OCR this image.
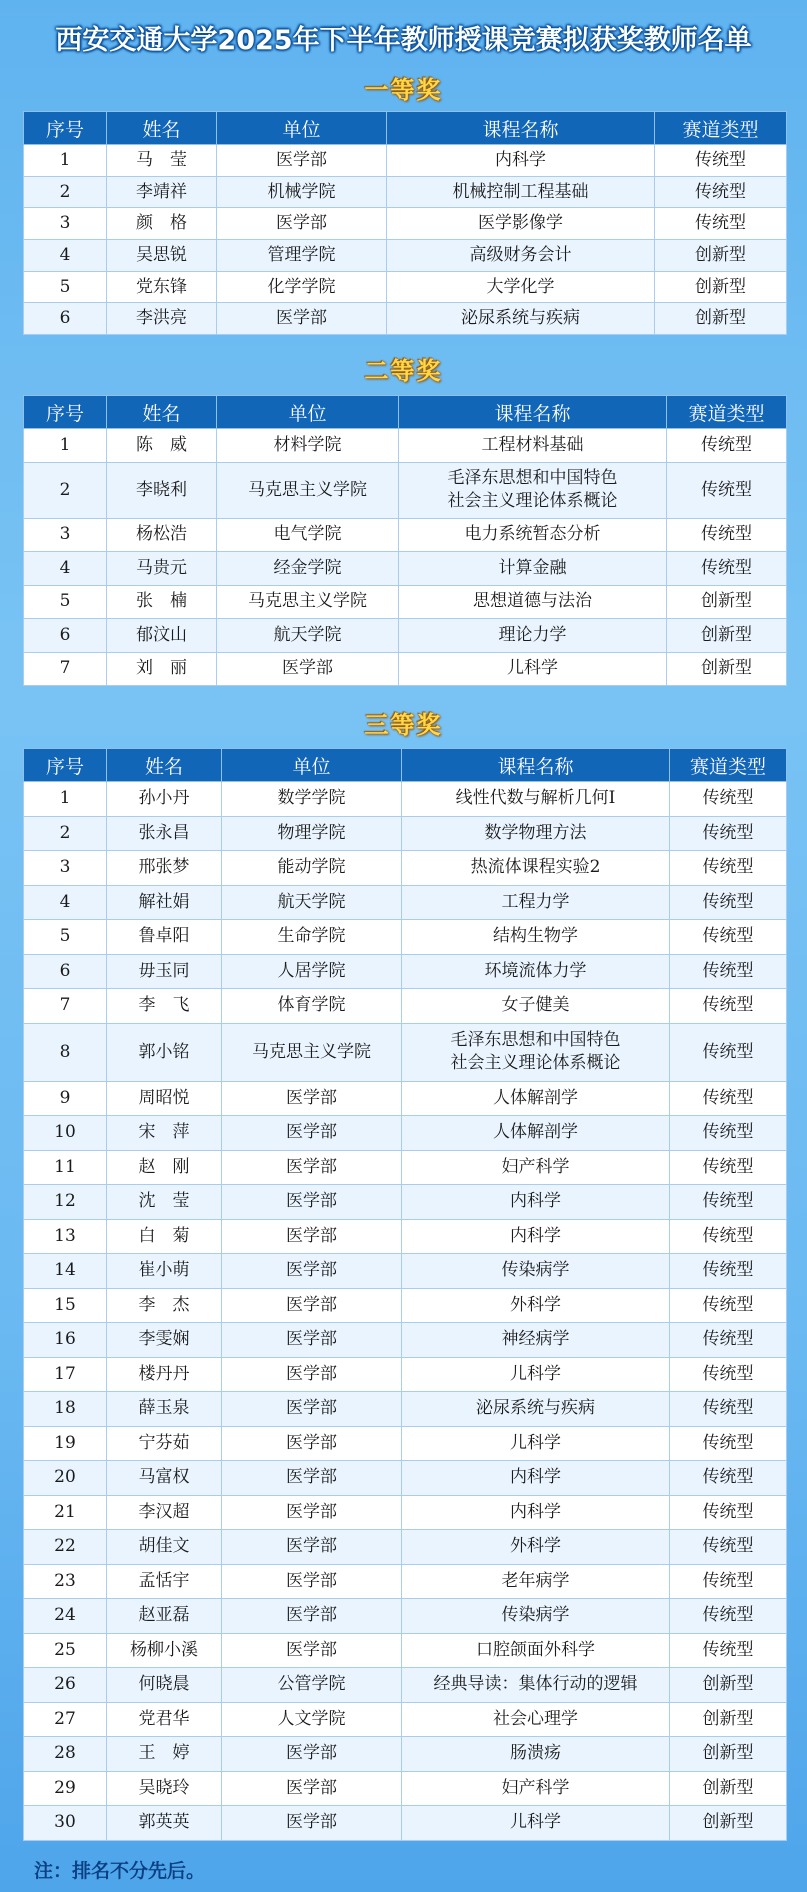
西安交通大学2025年下半年教师授课竞赛拟获奖教师名单
一等奖
序号	姓名	单位	课程名称	赛道类型
1	马　莹	医学部	内科学	传统型
2	李靖祥	机械学院	机械控制工程基础	传统型
3	颜　格	医学部	医学影像学	传统型
4	吴思锐	管理学院	高级财务会计	创新型
5	党东锋	化学学院	大学化学	创新型
6	李洪亮	医学部	泌尿系统与疾病	创新型
二等奖
序号	姓名	单位	课程名称	赛道类型
1	陈　威	材料学院	工程材料基础	传统型
2	李晓利	马克思主义学院	毛泽东思想和中国特色
社会主义理论体系概论	传统型
3	杨松浩	电气学院	电力系统暂态分析	传统型
4	马贵元	经金学院	计算金融	传统型
5	张　楠	马克思主义学院	思想道德与法治	创新型
6	郁汶山	航天学院	理论力学	创新型
7	刘　丽	医学部	儿科学	创新型
三等奖
序号	姓名	单位	课程名称	赛道类型
1	孙小丹	数学学院	线性代数与解析几何Ⅰ	传统型
2	张永昌	物理学院	数学物理方法	传统型
3	邢张梦	能动学院	热流体课程实验2	传统型
4	解社娟	航天学院	工程力学	传统型
5	鲁卓阳	生命学院	结构生物学	传统型
6	毋玉同	人居学院	环境流体力学	传统型
7	李　飞	体育学院	女子健美	传统型
8	郭小铭	马克思主义学院	毛泽东思想和中国特色
社会主义理论体系概论	传统型
9	周昭悦	医学部	人体解剖学	传统型
10	宋　萍	医学部	人体解剖学	传统型
11	赵　刚	医学部	妇产科学	传统型
12	沈　莹	医学部	内科学	传统型
13	白　菊	医学部	内科学	传统型
14	崔小萌	医学部	传染病学	传统型
15	李　杰	医学部	外科学	传统型
16	李雯娴	医学部	神经病学	传统型
17	楼丹丹	医学部	儿科学	传统型
18	薛玉泉	医学部	泌尿系统与疾病	传统型
19	宁芬茹	医学部	儿科学	传统型
20	马富权	医学部	内科学	传统型
21	李汉超	医学部	内科学	传统型
22	胡佳文	医学部	外科学	传统型
23	孟恬宇	医学部	老年病学	传统型
24	赵亚磊	医学部	传染病学	传统型
25	杨柳小溪	医学部	口腔颌面外科学	传统型
26	何晓晨	公管学院	经典导读：集体行动的逻辑	创新型
27	党君华	人文学院	社会心理学	创新型
28	王　婷	医学部	肠溃疡	创新型
29	吴晓玲	医学部	妇产科学	创新型
30	郭英英	医学部	儿科学	创新型
注：排名不分先后。
